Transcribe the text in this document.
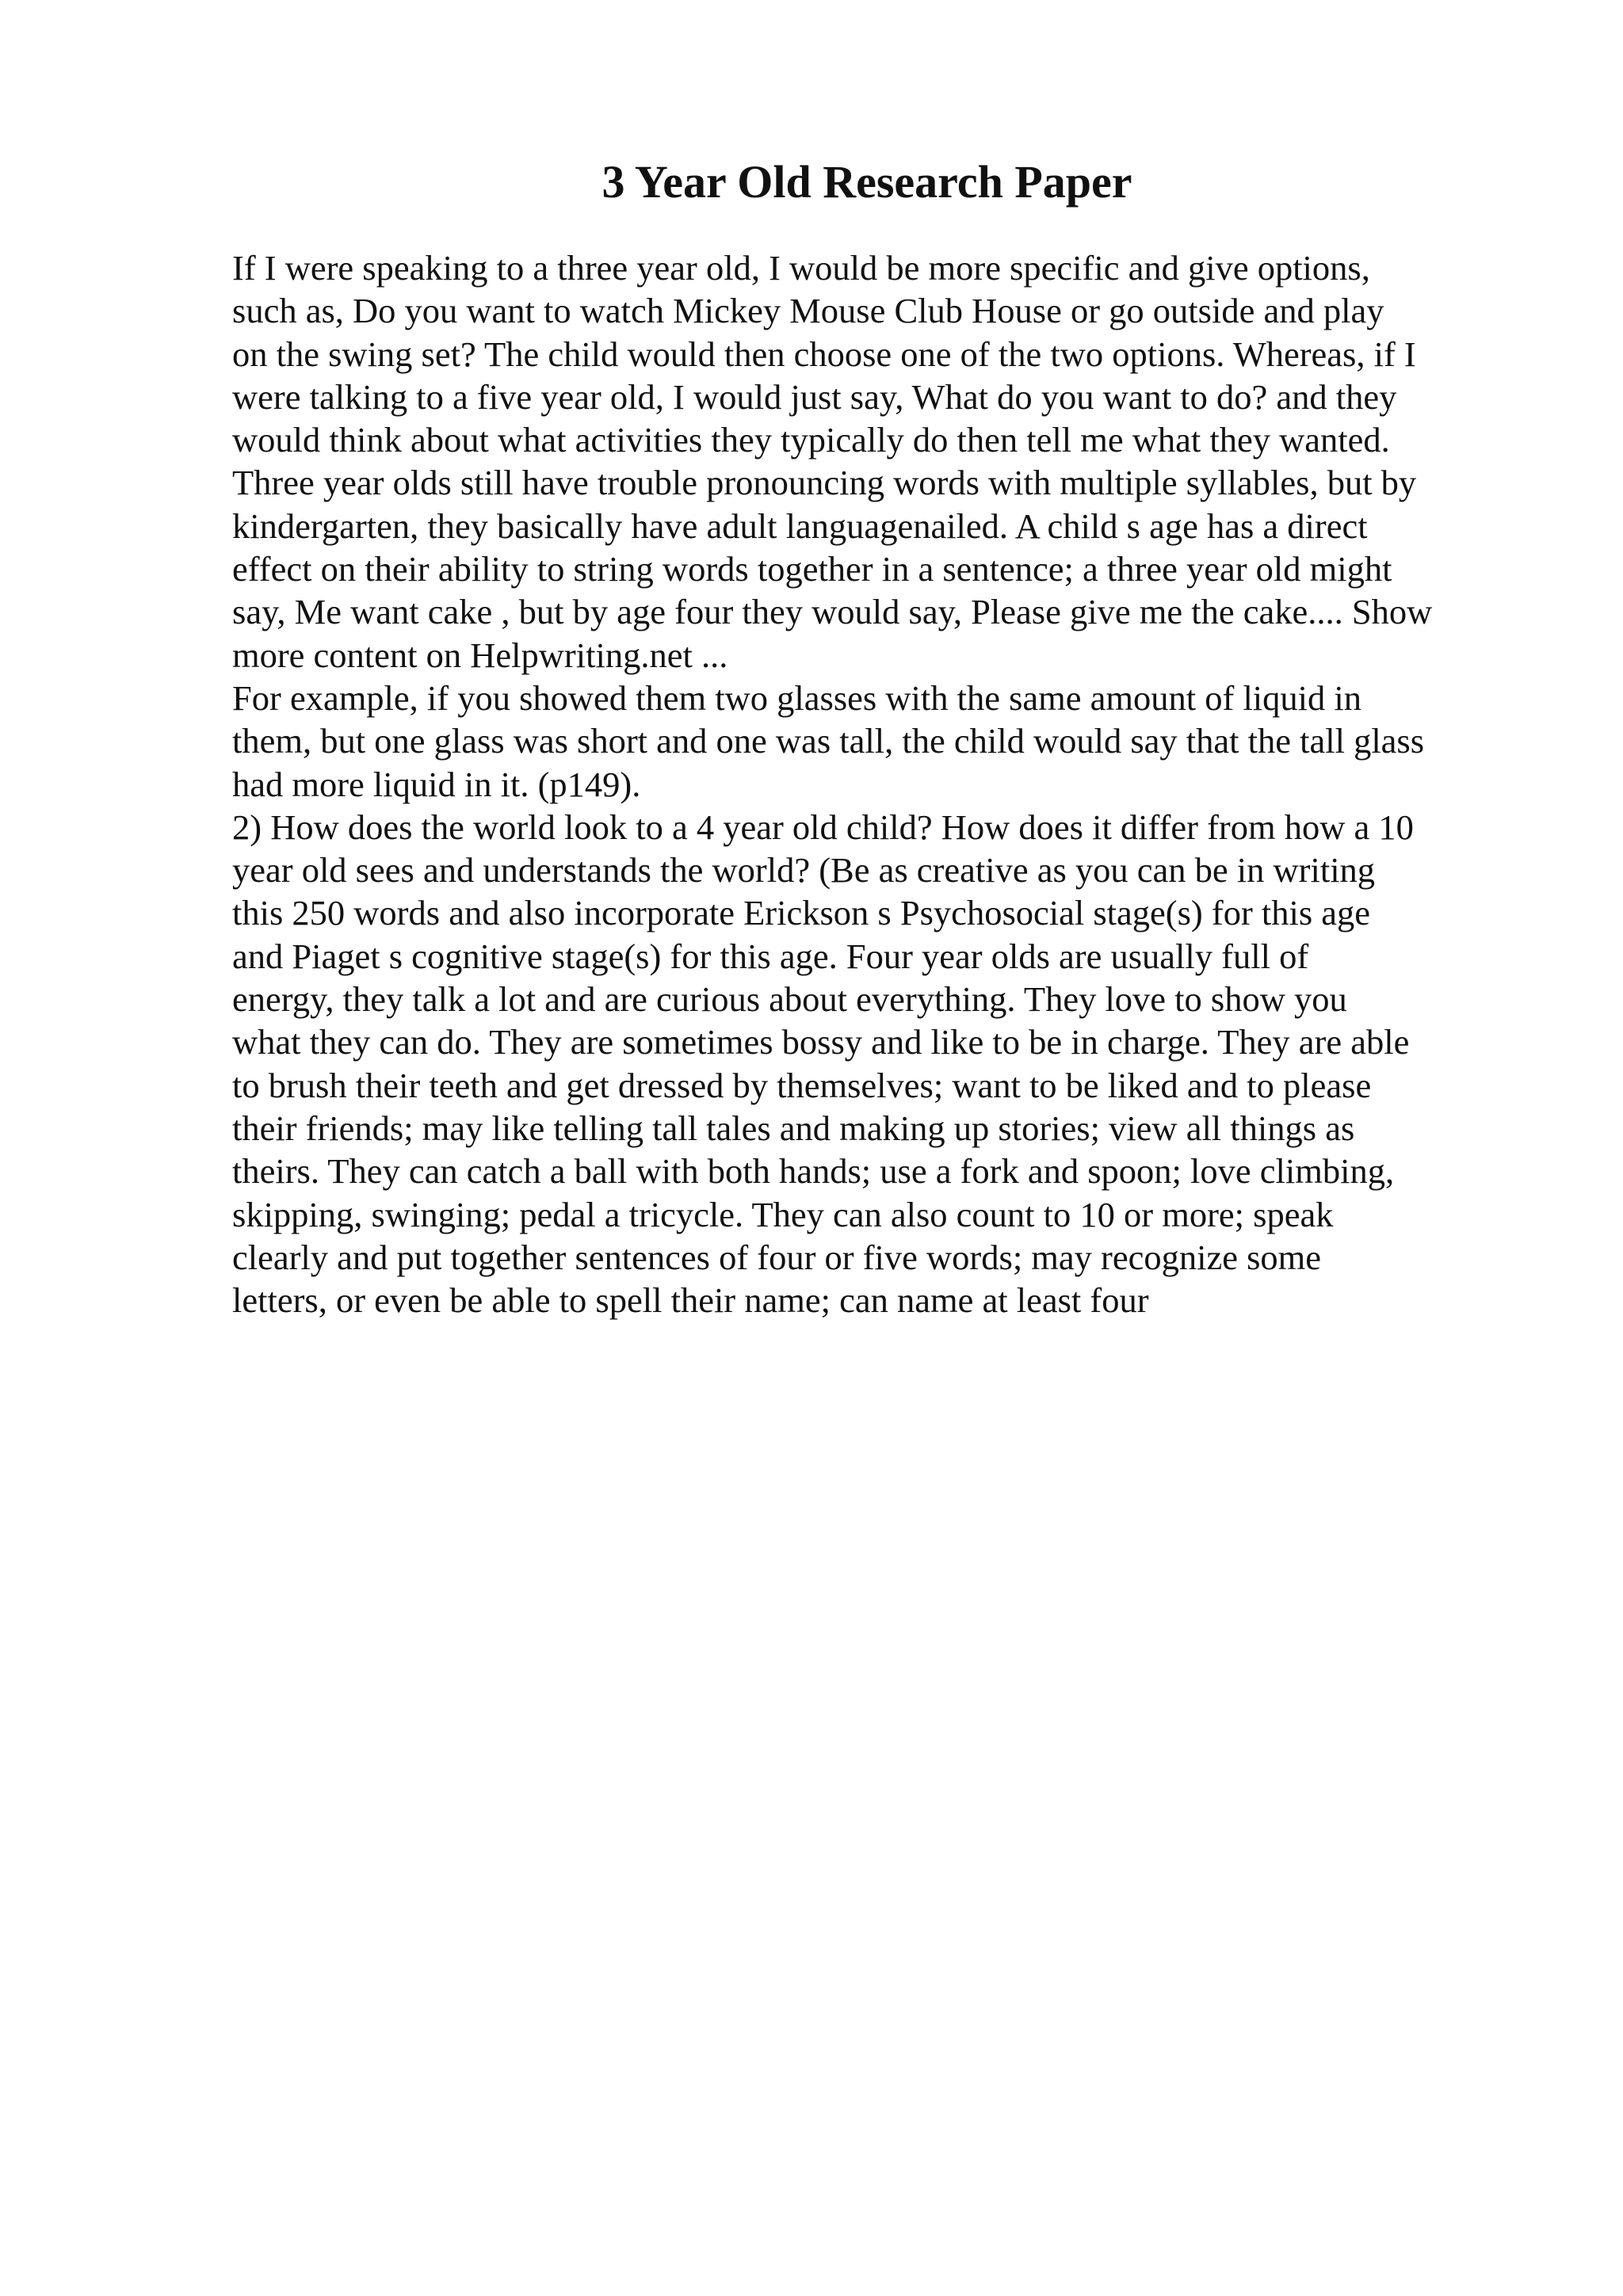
3 Year Old Research Paper
If I were speaking to a three year old, I would be more specific and give options,
such as, Do you want to watch Mickey Mouse Club House or go outside and play
on the swing set? The child would then choose one of the two options. Whereas, if I
were talking to a five year old, I would just say, What do you want to do? and they
would think about what activities they typically do then tell me what they wanted.
Three year olds still have trouble pronouncing words with multiple syllables, but by
kindergarten, they basically have adult languagenailed. A child s age has a direct
effect on their ability to string words together in a sentence; a three year old might
say, Me want cake , but by age four they would say, Please give me the cake.... Show
more content on Helpwriting.net ...
For example, if you showed them two glasses with the same amount of liquid in
them, but one glass was short and one was tall, the child would say that the tall glass
had more liquid in it. (p149).
2) How does the world look to a 4 year old child? How does it differ from how a 10
year old sees and understands the world? (Be as creative as you can be in writing
this 250 words and also incorporate Erickson s Psychosocial stage(s) for this age
and Piaget s cognitive stage(s) for this age. Four year olds are usually full of
energy, they talk a lot and are curious about everything. They love to show you
what they can do. They are sometimes bossy and like to be in charge. They are able
to brush their teeth and get dressed by themselves; want to be liked and to please
their friends; may like telling tall tales and making up stories; view all things as
theirs. They can catch a ball with both hands; use a fork and spoon; love climbing,
skipping, swinging; pedal a tricycle. They can also count to 10 or more; speak
clearly and put together sentences of four or five words; may recognize some
letters, or even be able to spell their name; can name at least four
